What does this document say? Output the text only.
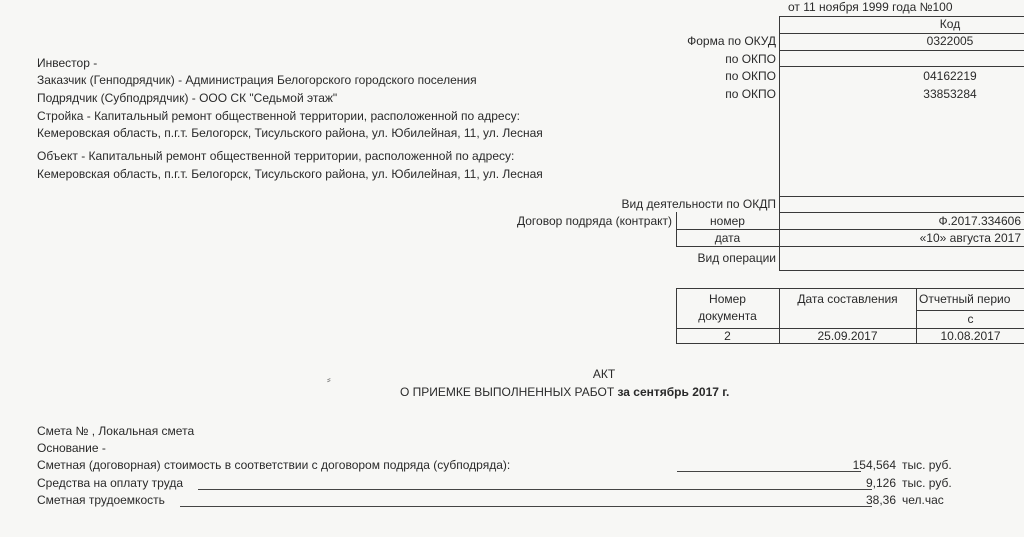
от 11 ноября 1999 года №100
Код
Форма по ОКУД	0322005
по ОКПО
по ОКПО	04162219
по ОКПО	33853284
Инвестор -
Заказчик (Генподрядчик) - Администрация Белогорского городского поселения
Подрядчик (Субподрядчик) - ООО СК "Седьмой этаж"
Стройка - Капитальный ремонт общественной территории, расположенной по адресу:
Кемеровская область, п.г.т. Белогорск, Тисульского района, ул. Юбилейная, 11, ул. Лесная
Объект - Капитальный ремонт общественной территории, расположенной по адресу:
Кемеровская область, п.г.т. Белогорск, Тисульского района, ул. Юбилейная, 11, ул. Лесная
Вид деятельности по ОКДП
Договор подряда (контракт)	номер	Ф.2017.334606
дата	«10» августа 2017
Вид операции
Номер
документа
Дата составления	Отчетный перио
с
2	25.09.2017	10.08.2017
АКТ
О ПРИЕМКЕ ВЫПОЛНЕННЫХ РАБОТ за сентябрь 2017 г.
⸗
Смета № , Локальная смета
Основание -
Сметная (договорная) стоимость в соответствии с договором подряда (субподряда):	154,564 тыс. руб.
Средства на оплату труда	9,126 тыс. руб.
Сметная трудоемкость	38,36 чел.час
